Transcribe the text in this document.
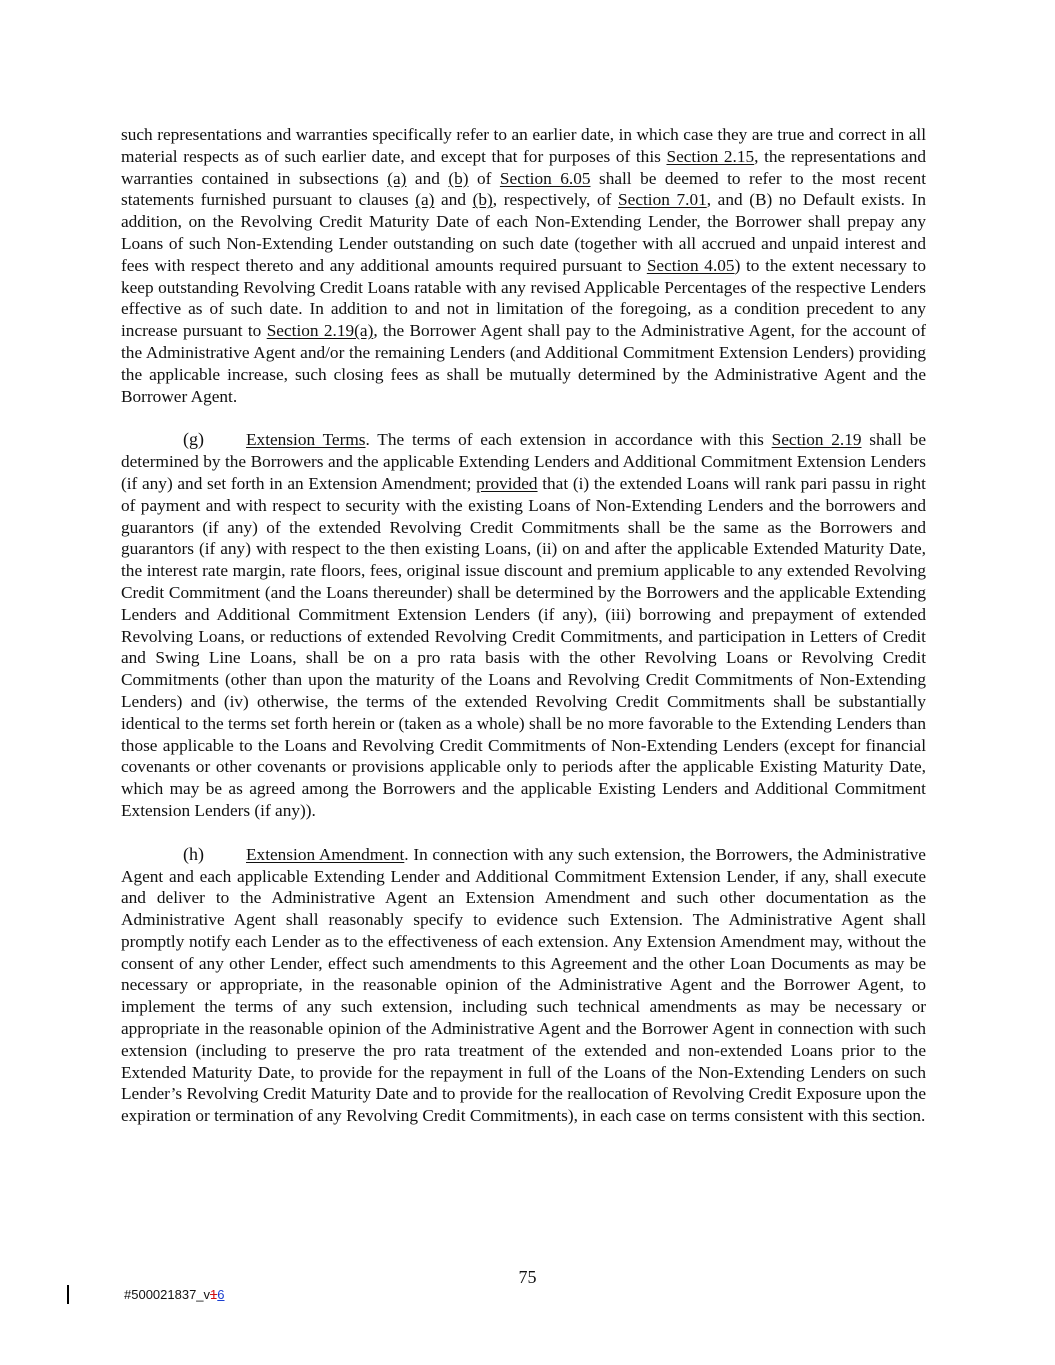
such representations and warranties specifically refer to an earlier date, in which case they are true and correct in all material respects as of such earlier date, and except that for purposes of this Section 2.15, the representations and warranties contained in subsections (a) and (b) of Section 6.05 shall be deemed to refer to the most recent statements furnished pursuant to clauses (a) and (b), respectively, of Section 7.01, and (B) no Default exists. In addition, on the Revolving Credit Maturity Date of each Non-Extending Lender, the Borrower shall prepay any Loans of such Non-Extending Lender outstanding on such date (together with all accrued and unpaid interest and fees with respect thereto and any additional amounts required pursuant to Section 4.05) to the extent necessary to keep outstanding Revolving Credit Loans ratable with any revised Applicable Percentages of the respective Lenders effective as of such date. In addition to and not in limitation of the foregoing, as a condition precedent to any increase pursuant to Section 2.19(a), the Borrower Agent shall pay to the Administrative Agent, for the account of the Administrative Agent and/or the remaining Lenders (and Additional Commitment Extension Lenders) providing the applicable increase, such closing fees as shall be mutually determined by the Administrative Agent and the Borrower Agent.

(g) Extension Terms. The terms of each extension in accordance with this Section 2.19 shall be determined by the Borrowers and the applicable Extending Lenders and Additional Commitment Extension Lenders (if any) and set forth in an Extension Amendment; provided that (i) the extended Loans will rank pari passu in right of payment and with respect to security with the existing Loans of Non-Extending Lenders and the borrowers and guarantors (if any) of the extended Revolving Credit Commitments shall be the same as the Borrowers and guarantors (if any) with respect to the then existing Loans, (ii) on and after the applicable Extended Maturity Date, the interest rate margin, rate floors, fees, original issue discount and premium applicable to any extended Revolving Credit Commitment (and the Loans thereunder) shall be determined by the Borrowers and the applicable Extending Lenders and Additional Commitment Extension Lenders (if any), (iii) borrowing and prepayment of extended Revolving Loans, or reductions of extended Revolving Credit Commitments, and participation in Letters of Credit and Swing Line Loans, shall be on a pro rata basis with the other Revolving Loans or Revolving Credit Commitments (other than upon the maturity of the Loans and Revolving Credit Commitments of Non-Extending Lenders) and (iv) otherwise, the terms of the extended Revolving Credit Commitments shall be substantially identical to the terms set forth herein or (taken as a whole) shall be no more favorable to the Extending Lenders than those applicable to the Loans and Revolving Credit Commitments of Non-Extending Lenders (except for financial covenants or other covenants or provisions applicable only to periods after the applicable Existing Maturity Date, which may be as agreed among the Borrowers and the applicable Existing Lenders and Additional Commitment Extension Lenders (if any)).

(h) Extension Amendment. In connection with any such extension, the Borrowers, the Administrative Agent and each applicable Extending Lender and Additional Commitment Extension Lender, if any, shall execute and deliver to the Administrative Agent an Extension Amendment and such other documentation as the Administrative Agent shall reasonably specify to evidence such Extension. The Administrative Agent shall promptly notify each Lender as to the effectiveness of each extension. Any Extension Amendment may, without the consent of any other Lender, effect such amendments to this Agreement and the other Loan Documents as may be necessary or appropriate, in the reasonable opinion of the Administrative Agent and the Borrower Agent, to implement the terms of any such extension, including such technical amendments as may be necessary or appropriate in the reasonable opinion of the Administrative Agent and the Borrower Agent in connection with such extension (including to preserve the pro rata treatment of the extended and non-extended Loans prior to the Extended Maturity Date, to provide for the repayment in full of the Loans of the Non-Extending Lenders on such Lender’s Revolving Credit Maturity Date and to provide for the reallocation of Revolving Credit Exposure upon the expiration or termination of any Revolving Credit Commitments), in each case on terms consistent with this section.

75
#500021837_v16
